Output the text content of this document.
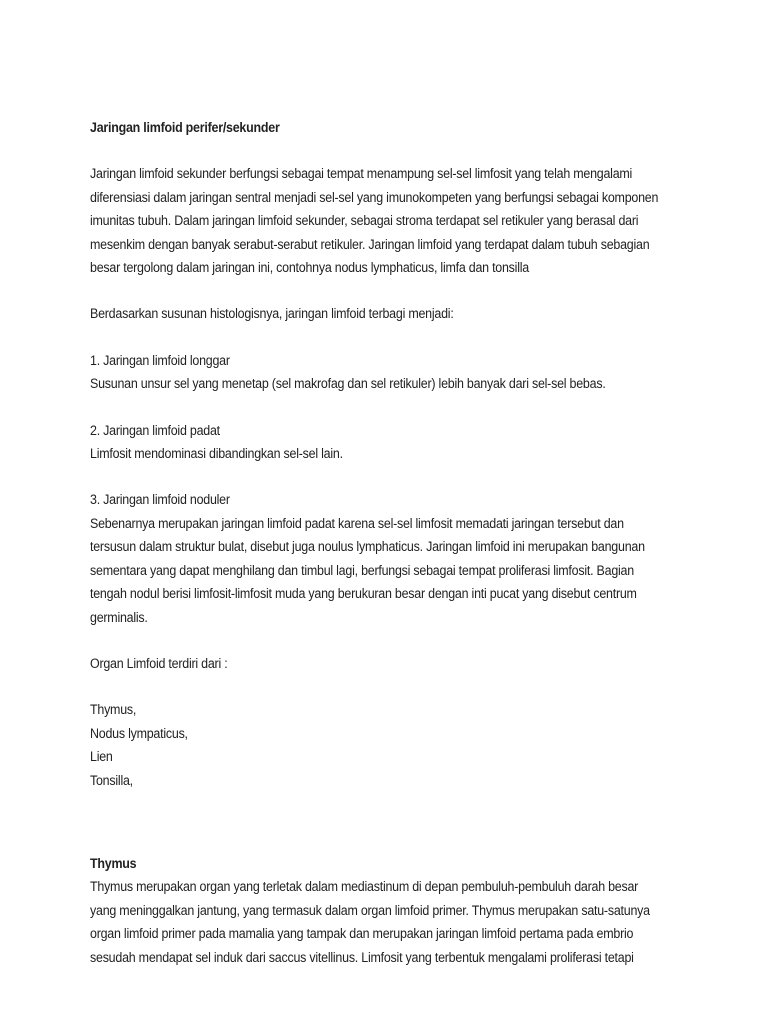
Jaringan limfoid perifer/sekunder
Jaringan limfoid sekunder berfungsi sebagai tempat menampung sel-sel limfosit yang telah mengalami
diferensiasi dalam jaringan sentral menjadi sel-sel yang imunokompeten yang berfungsi sebagai komponen
imunitas tubuh. Dalam jaringan limfoid sekunder, sebagai stroma terdapat sel retikuler yang berasal dari
mesenkim dengan banyak serabut-serabut retikuler. Jaringan limfoid yang terdapat dalam tubuh sebagian
besar tergolong dalam jaringan ini, contohnya nodus lymphaticus, limfa dan tonsilla
Berdasarkan susunan histologisnya, jaringan limfoid terbagi menjadi:
1. Jaringan limfoid longgar
Susunan unsur sel yang menetap (sel makrofag dan sel retikuler) lebih banyak dari sel-sel bebas.
2. Jaringan limfoid padat
Limfosit mendominasi dibandingkan sel-sel lain.
3. Jaringan limfoid noduler
Sebenarnya merupakan jaringan limfoid padat karena sel-sel limfosit memadati jaringan tersebut dan
tersusun dalam struktur bulat, disebut juga noulus lymphaticus. Jaringan limfoid ini merupakan bangunan
sementara yang dapat menghilang dan timbul lagi, berfungsi sebagai tempat proliferasi limfosit. Bagian
tengah nodul berisi limfosit-limfosit muda yang berukuran besar dengan inti pucat yang disebut centrum
germinalis.
Organ Limfoid terdiri dari :
Thymus,
Nodus lympaticus,
Lien
Tonsilla,
Thymus
Thymus merupakan organ yang terletak dalam mediastinum di depan pembuluh-pembuluh darah besar
yang meninggalkan jantung, yang termasuk dalam organ limfoid primer. Thymus merupakan satu-satunya
organ limfoid primer pada mamalia yang tampak dan merupakan jaringan limfoid pertama pada embrio
sesudah mendapat sel induk dari saccus vitellinus. Limfosit yang terbentuk mengalami proliferasi tetapi
